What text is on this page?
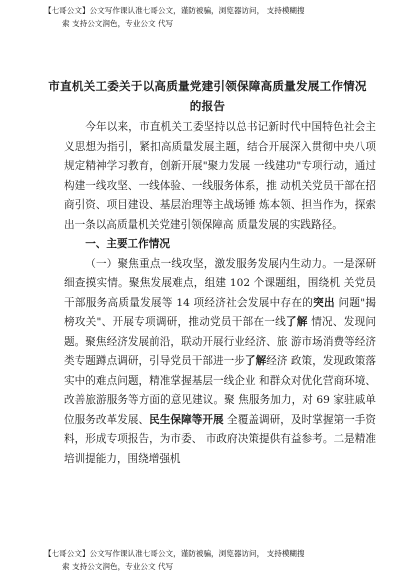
【七哥公文】公文写作课认准七哥公文，谨防被骗，浏览器访问， 支持模糊搜
索 支持公文润色，专业公文 代写
市直机关工委关于以高质量党建引领保障高质量发展工作情况
的报告

今年以来，市直机关工委坚持以总书记新时代中国特色社会主义思想为指引，紧扣高质量发展主题，结合开展深入贯彻中央八项规定精神学习教育，创新开展"聚力发展 一线建功"专项行动，通过构建一线攻坚、一线体验、一线服务体系，推 动机关党员干部在招商引资、项目建设、基层治理等主战场锤 炼本领、担当作为，探索出一条以高质量机关党建引领保障高 质量发展的实践路径。

一、主要工作情况

（一）聚焦重点一线攻坚，激发服务发展内生动力。一是深研细查摸实情。聚焦发展难点，组建 102 个课题组，围绕机 关党员干部服务高质量发展等 14 项经济社会发展中存在的突出 问题"揭榜攻关"、开展专项调研，推动党员干部在一线了解 情况、发现问题。聚焦经济发展前沿，联动开展行业经济、旅 游市场消费等经济类专题蹲点调研，引导党员干部进一步了解经济 政策，发现政策落实中的难点问题，精准掌握基层一线企业 和群众对优化营商环境、改善旅游服务等方面的意见建议。聚 焦服务加力，对 69 家驻戚单位服务改革发展、民生保障等开展 全覆盖调研，及时掌握第一手资料，形成专项报告，为市委、 市政府决策提供有益参考。二是精准培训提能力，围绕增强机

【七哥公文】公文写作课认准七哥公文，谨防被骗，浏览器访问， 支持模糊搜
索 支持公文润色，专业公文 代写
